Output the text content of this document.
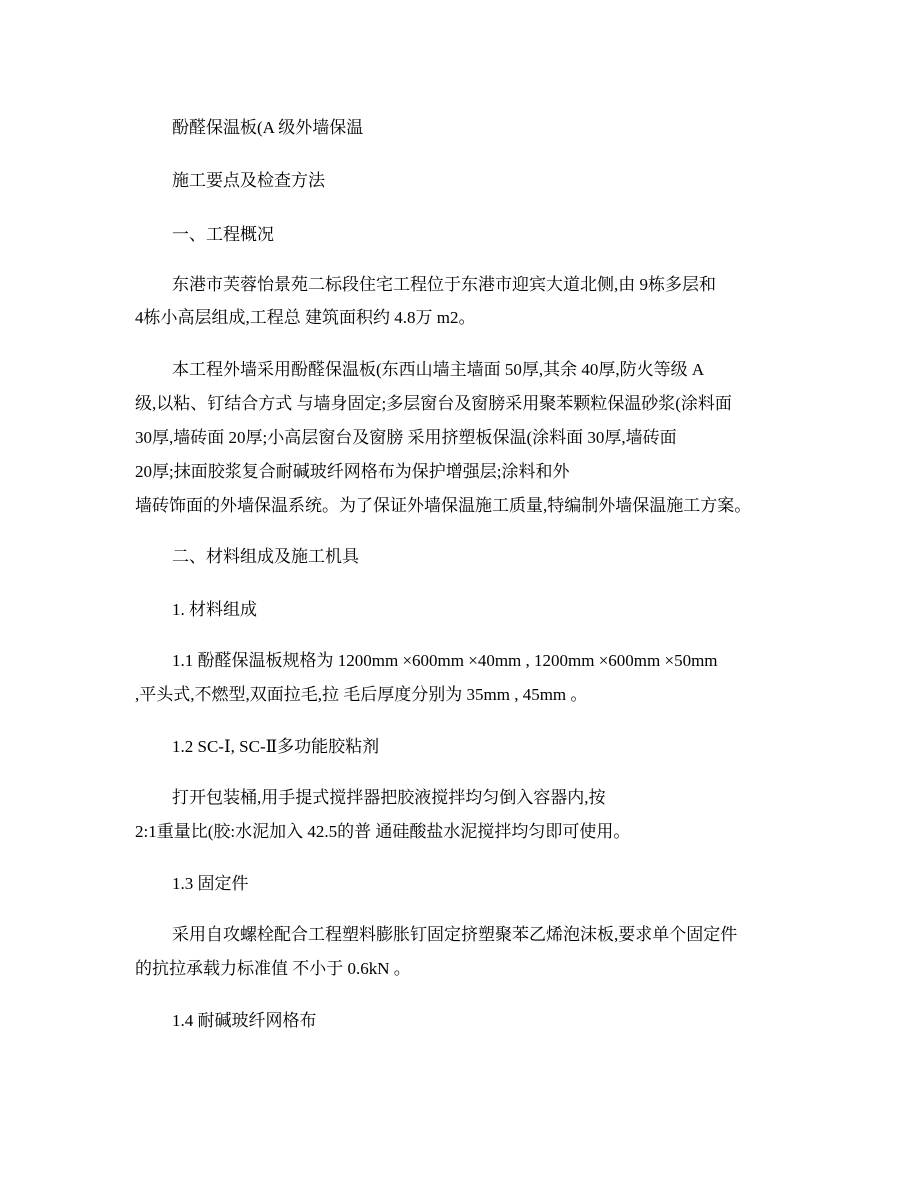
酚醛保温板(A 级外墙保温
施工要点及检查方法
一、工程概况
东港市芙蓉怡景苑二标段住宅工程位于东港市迎宾大道北侧,由 9栋多层和
4栋小高层组成,工程总 建筑面积约 4.8万 m2。
本工程外墙采用酚醛保温板(东西山墙主墙面 50厚,其余 40厚,防火等级 A
级,以粘、钉结合方式 与墙身固定;多层窗台及窗膀采用聚苯颗粒保温砂浆(涂料面
30厚,墙砖面 20厚;小高层窗台及窗膀 采用挤塑板保温(涂料面 30厚,墙砖面
20厚;抹面胶浆复合耐碱玻纤网格布为保护增强层;涂料和外
墙砖饰面的外墙保温系统。为了保证外墙保温施工质量,特编制外墙保温施工方案。
二、材料组成及施工机具
1. 材料组成
1.1 酚醛保温板规格为 1200mm ×600mm ×40mm , 1200mm ×600mm ×50mm
,平头式,不燃型,双面拉毛,拉 毛后厚度分别为 35mm , 45mm 。
1.2 SC-Ⅰ, SC-Ⅱ多功能胶粘剂
打开包装桶,用手提式搅拌器把胶液搅拌均匀倒入容器内,按
2:1重量比(胶:水泥加入 42.5的普 通硅酸盐水泥搅拌均匀即可使用。
1.3 固定件
采用自攻螺栓配合工程塑料膨胀钉固定挤塑聚苯乙烯泡沫板,要求单个固定件
的抗拉承载力标准值 不小于 0.6kN 。
1.4 耐碱玻纤网格布
